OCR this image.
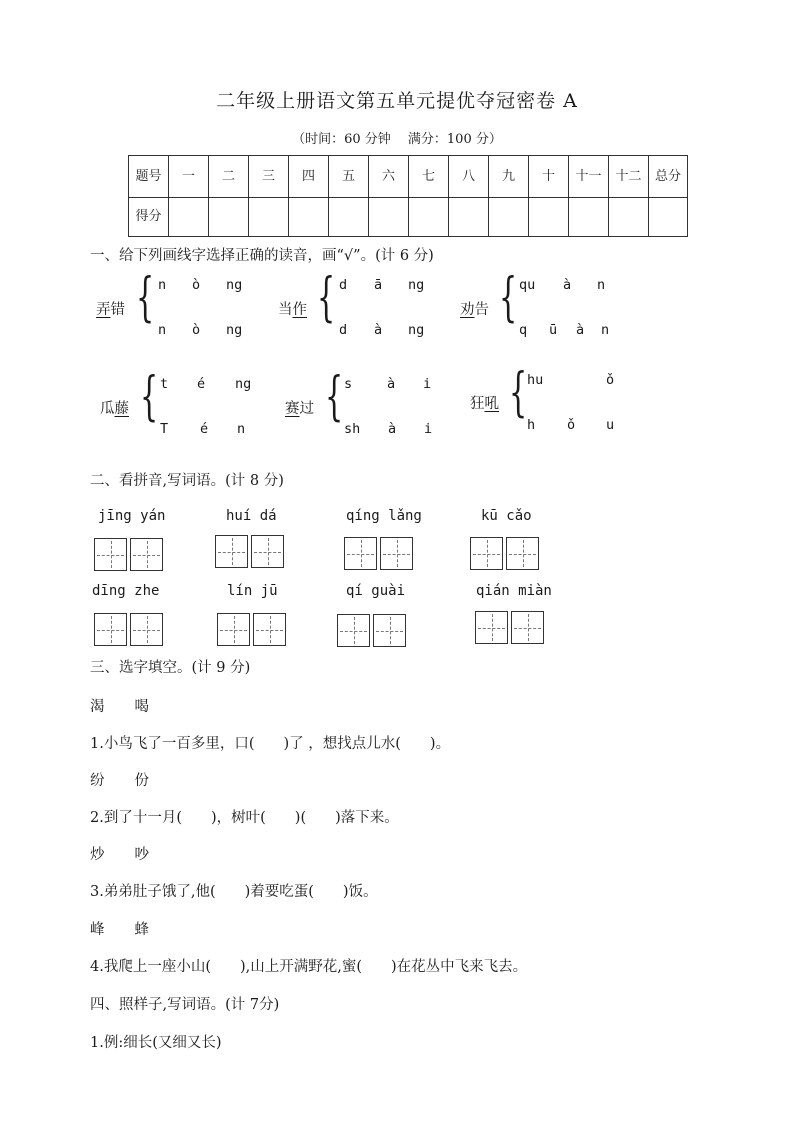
二年级上册语文第五单元提优夺冠密卷 A
（时间：60 分钟　 满分：100 分）
题号	一	二	三	四	五	六	七	八	九	十	十一	十二	总分
得分													
一、给下列画线字选择正确的读音，画“√”。(计 6 分)
弄错 { n ò ng
n ò ng
当作 { d ā ng
d à ng
劝告 { qu à n
q ū à n
瓜藤 { t é ng
T é n
赛过 { s	à i
sh à i
狂吼 { hu	ǒ
h ǒ u
二、看拼音,写词语。(计 8 分)
jīng yán	huí dá	qíng lǎng	kū cǎo
dīng zhe	lín jū	qí guài	qián miàn
三、选字填空。(计 9 分)
渴 喝
1.小鸟飞了一百多里，口(　　)了 ，想找点儿水(　　)。
纷 份
2.到了十一月(　　)，树叶(　　)(　　)落下来。
炒 吵
3.弟弟肚子饿了,他(　　)着要吃蛋(　　)饭。
峰 蜂
4.我爬上一座小山(　　),山上开满野花,蜜(　　)在花丛中飞来飞去。
四、照样子,写词语。(计 7分)
1.例:细长(又细又长)
